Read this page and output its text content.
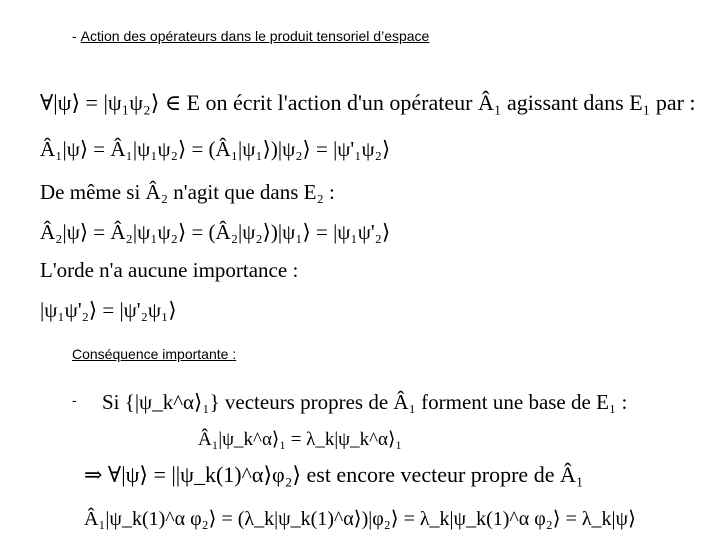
- Action des opérateurs dans le produit tensoriel d’espace
∀|ψ⟩ = |ψ₁ψ₂⟩ ∈ E on écrit l'action d'un opérateur Â₁ agissant dans E₁ par :
Â₁|ψ⟩ = Â₁|ψ₁ψ₂⟩ = (Â₁|ψ₁⟩)|ψ₂⟩ = |ψ'₁ψ₂⟩
De même si Â₂ n'agit que dans E₂ :
Â₂|ψ⟩ = Â₂|ψ₁ψ₂⟩ = (Â₂|ψ₂⟩)|ψ₁⟩ = |ψ₁ψ'₂⟩
L'orde n'a aucune importance :
|ψ₁ψ'₂⟩ = |ψ'₂ψ₁⟩
Conséquence importante :
- Si {|ψ_k^α⟩₁} vecteurs propres de Â₁ forment une base de E₁ :
Â₁|ψ_k^α⟩₁ = λ_k|ψ_k^α⟩₁
⇒ ∀|ψ⟩ = ||ψ_k(1)^α⟩φ₂⟩ est encore vecteur propre de Â₁
Â₁|ψ_k(1)^α φ₂⟩ = (λ_k|ψ_k(1)^α⟩)|φ₂⟩ = λ_k|ψ_k(1)^α φ₂⟩ = λ_k|ψ⟩
